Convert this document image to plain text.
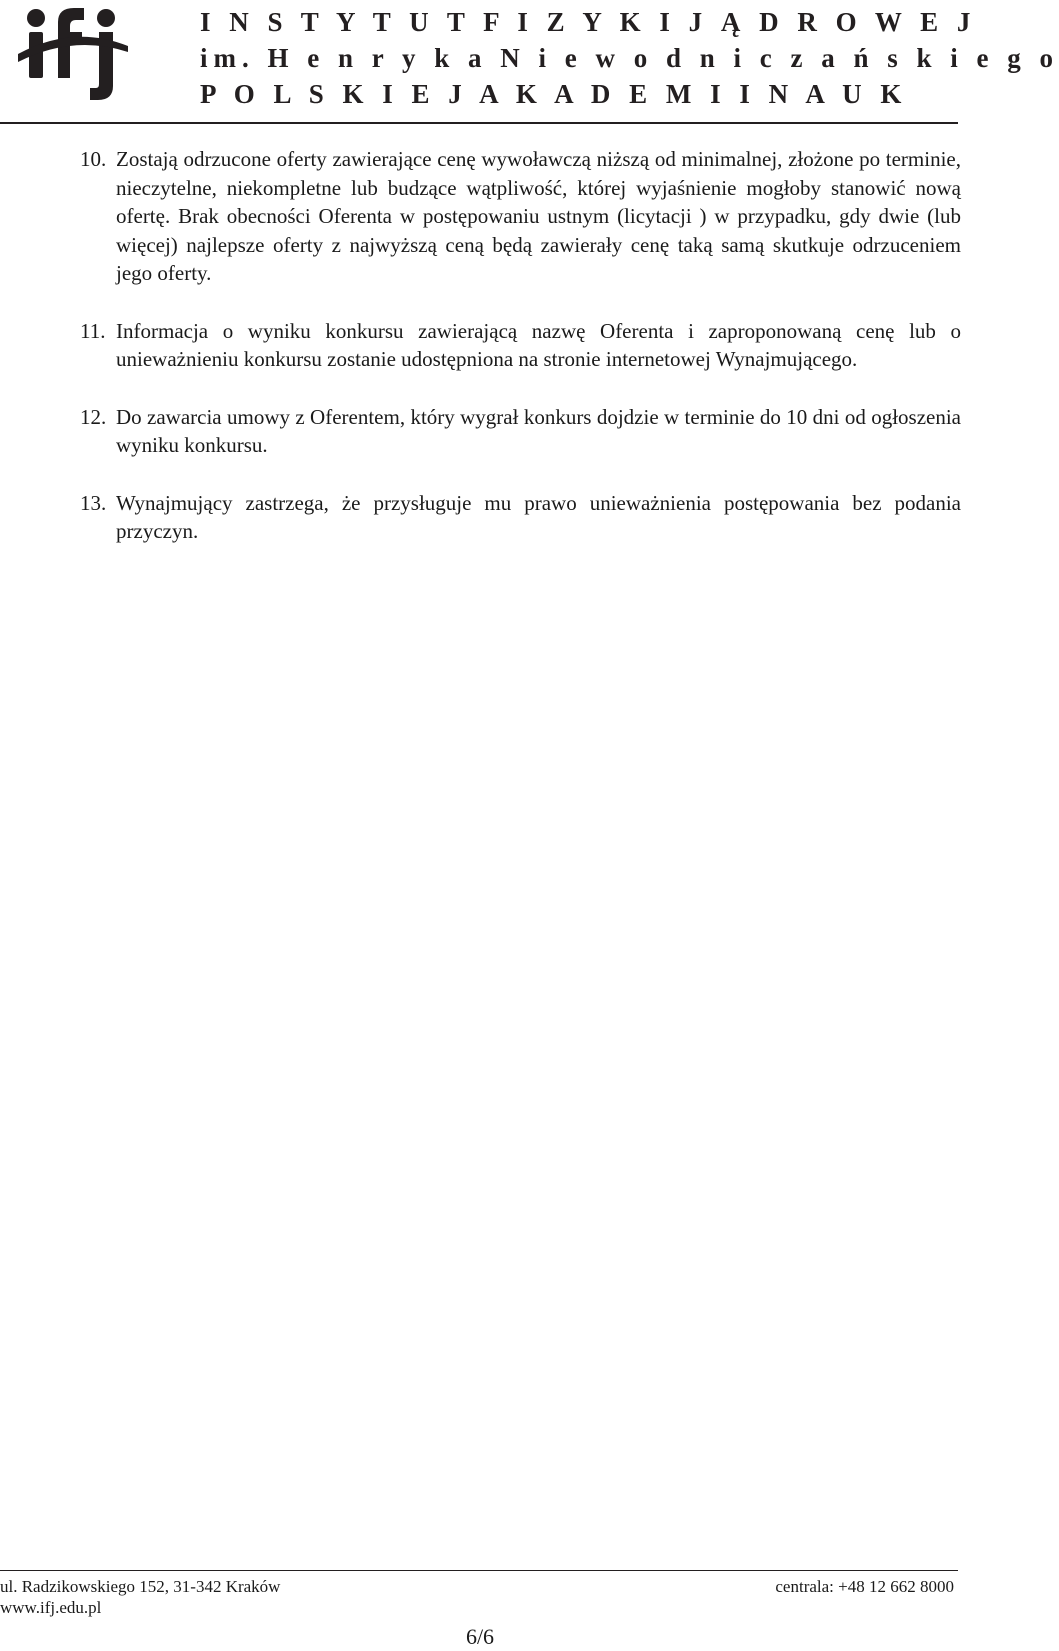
I N S T Y T U T F I Z Y K I J Ą D R O W E J
im. H e n r y k a N i e w o d n i c z a ń s k i e g o
P O L S K I E J A K A D E M I I N A U K
10. Zostają odrzucone oferty zawierające cenę wywoławczą niższą od minimalnej, złożone po terminie, nieczytelne, niekompletne lub budzące wątpliwość, której wyjaśnienie mogłoby stanowić nową ofertę. Brak obecności Oferenta w postępowaniu ustnym (licytacji ) w przypadku, gdy dwie (lub więcej) najlepsze oferty z najwyższą ceną będą zawierały cenę taką samą skutkuje odrzuceniem jego oferty.
11. Informacja o wyniku konkursu zawierającą nazwę Oferenta i zaproponowaną cenę lub o unieważnieniu konkursu zostanie udostępniona na stronie internetowej Wynajmującego.
12. Do zawarcia umowy z Oferentem, który wygrał konkurs dojdzie w terminie do 10 dni od ogłoszenia wyniku konkursu.
13. Wynajmujący zastrzega, że przysługuje mu prawo unieważnienia postępowania bez podania przyczyn.
ul. Radzikowskiego 152, 31-342 Kraków
www.ifj.edu.pl
centrala: +48 12 662 8000
6/6
